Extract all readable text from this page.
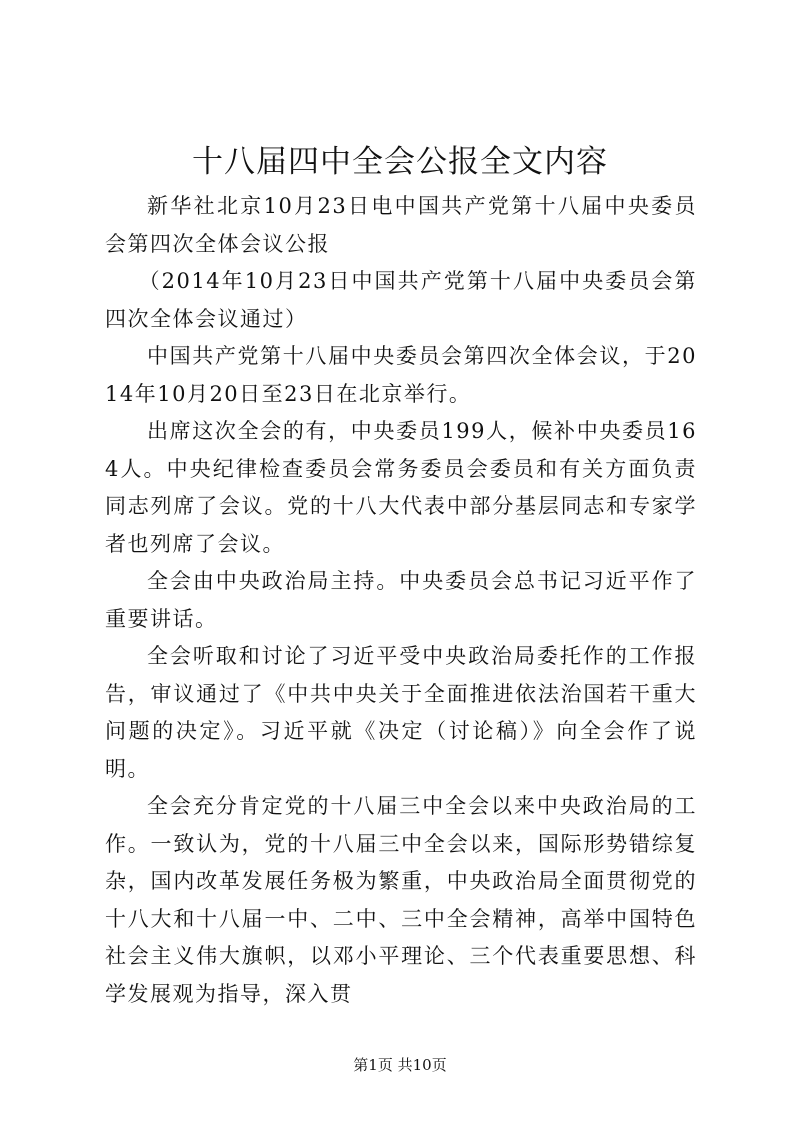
十八届四中全会公报全文内容

新华社北京10月23日电中国共产党第十八届中央委员会第四次全体会议公报

（2014年10月23日中国共产党第十八届中央委员会第四次全体会议通过）

中国共产党第十八届中央委员会第四次全体会议，于2014年10月20日至23日在北京举行。

出席这次全会的有，中央委员199人，候补中央委员164人。中央纪律检查委员会常务委员会委员和有关方面负责同志列席了会议。党的十八大代表中部分基层同志和专家学者也列席了会议。

全会由中央政治局主持。中央委员会总书记习近平作了重要讲话。

全会听取和讨论了习近平受中央政治局委托作的工作报告，审议通过了《中共中央关于全面推进依法治国若干重大问题的决定》。习近平就《决定（讨论稿）》向全会作了说明。

全会充分肯定党的十八届三中全会以来中央政治局的工作。一致认为，党的十八届三中全会以来，国际形势错综复杂，国内改革发展任务极为繁重，中央政治局全面贯彻党的十八大和十八届一中、二中、三中全会精神，高举中国特色社会主义伟大旗帜，以邓小平理论、三个代表重要思想、科学发展观为指导，深入贯

第1页 共10页
